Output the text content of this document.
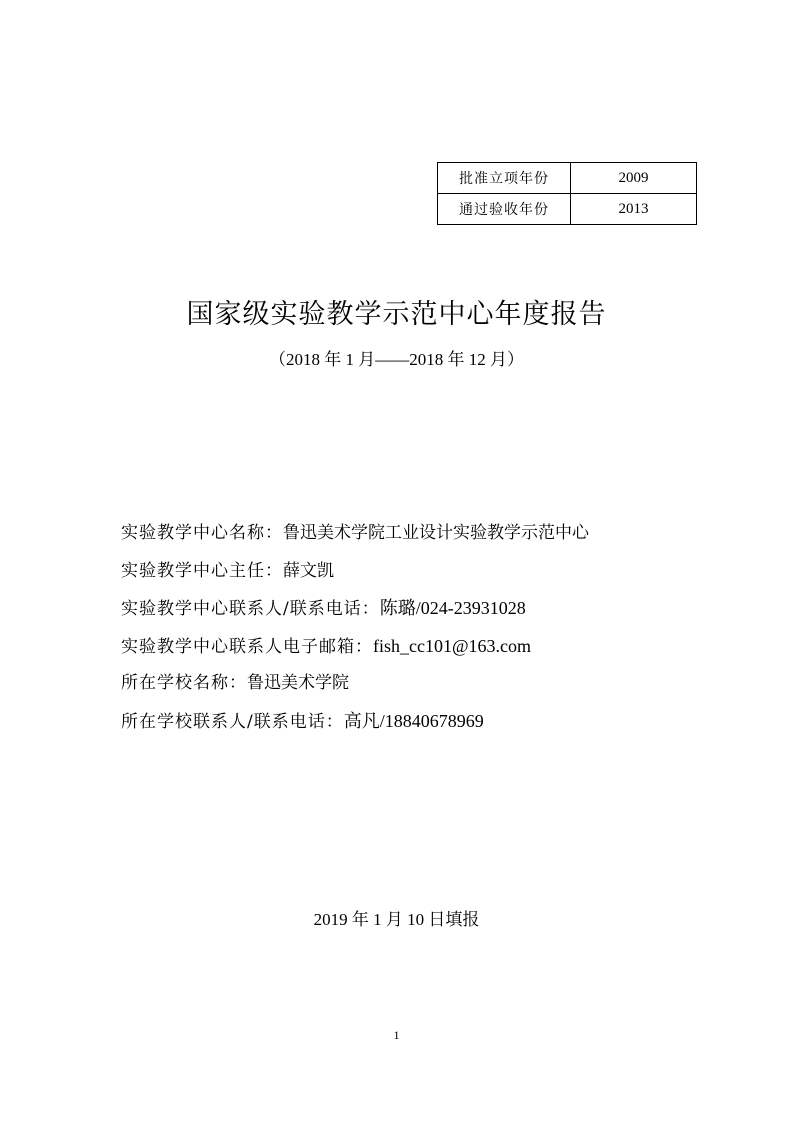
批准立项年份	2009
通过验收年份	2013
国家级实验教学示范中心年度报告
（2018 年 1 月——2018 年 12 月）
实验教学中心名称：鲁迅美术学院工业设计实验教学示范中心
实验教学中心主任：薛文凯
实验教学中心联系人/联系电话：陈璐/024-23931028
实验教学中心联系人电子邮箱：fish_cc101@163.com
所在学校名称：鲁迅美术学院
所在学校联系人/联系电话：高凡/18840678969
2019 年 1 月 10 日填报
1
